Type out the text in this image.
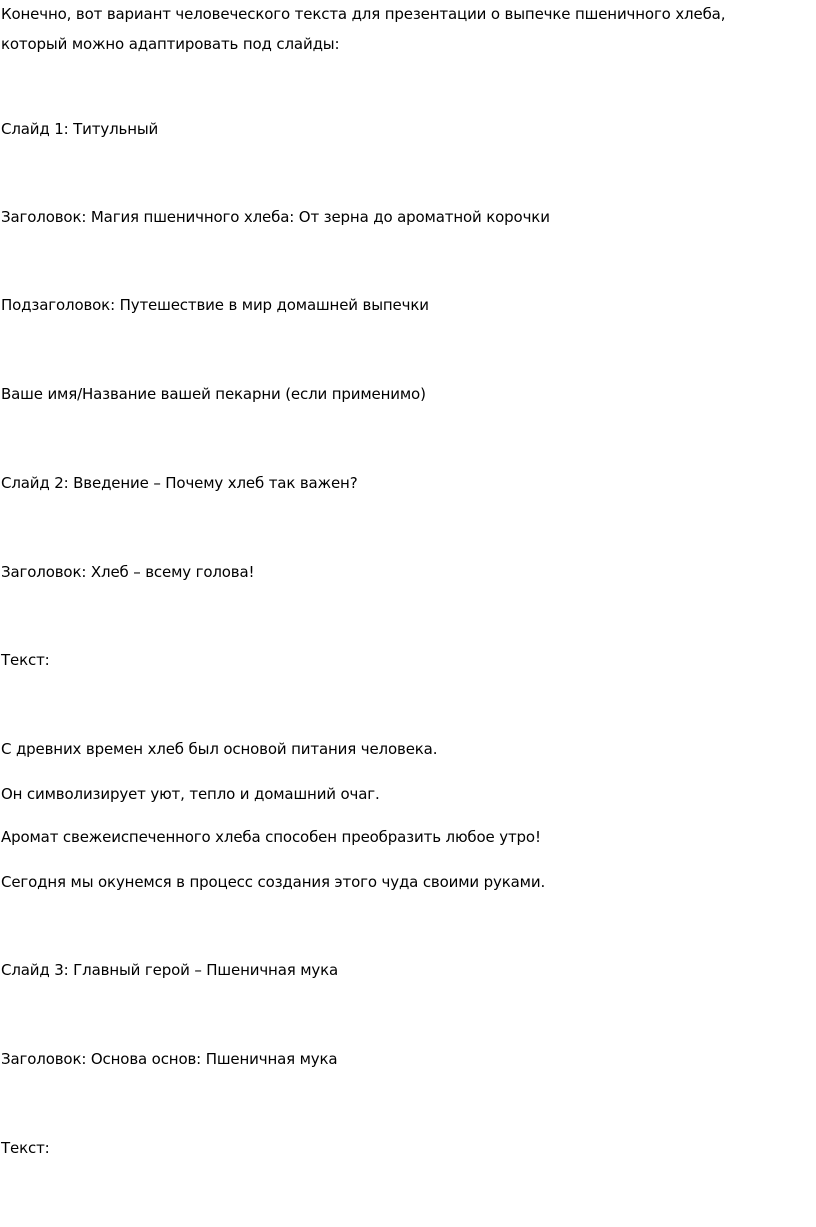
Конечно, вот вариант человеческого текста для презентации о выпечке пшеничного хлеба,
который можно адаптировать под слайды:
Слайд 1: Титульный
Заголовок: Магия пшеничного хлеба: От зерна до ароматной корочки
Подзаголовок: Путешествие в мир домашней выпечки
Ваше имя/Название вашей пекарни (если применимо)
Слайд 2: Введение – Почему хлеб так важен?
Заголовок: Хлеб – всему голова!
Текст:
С древних времен хлеб был основой питания человека.
Он символизирует уют, тепло и домашний очаг.
Аромат свежеиспеченного хлеба способен преобразить любое утро!
Сегодня мы окунемся в процесс создания этого чуда своими руками.
Слайд 3: Главный герой – Пшеничная мука
Заголовок: Основа основ: Пшеничная мука
Текст:
